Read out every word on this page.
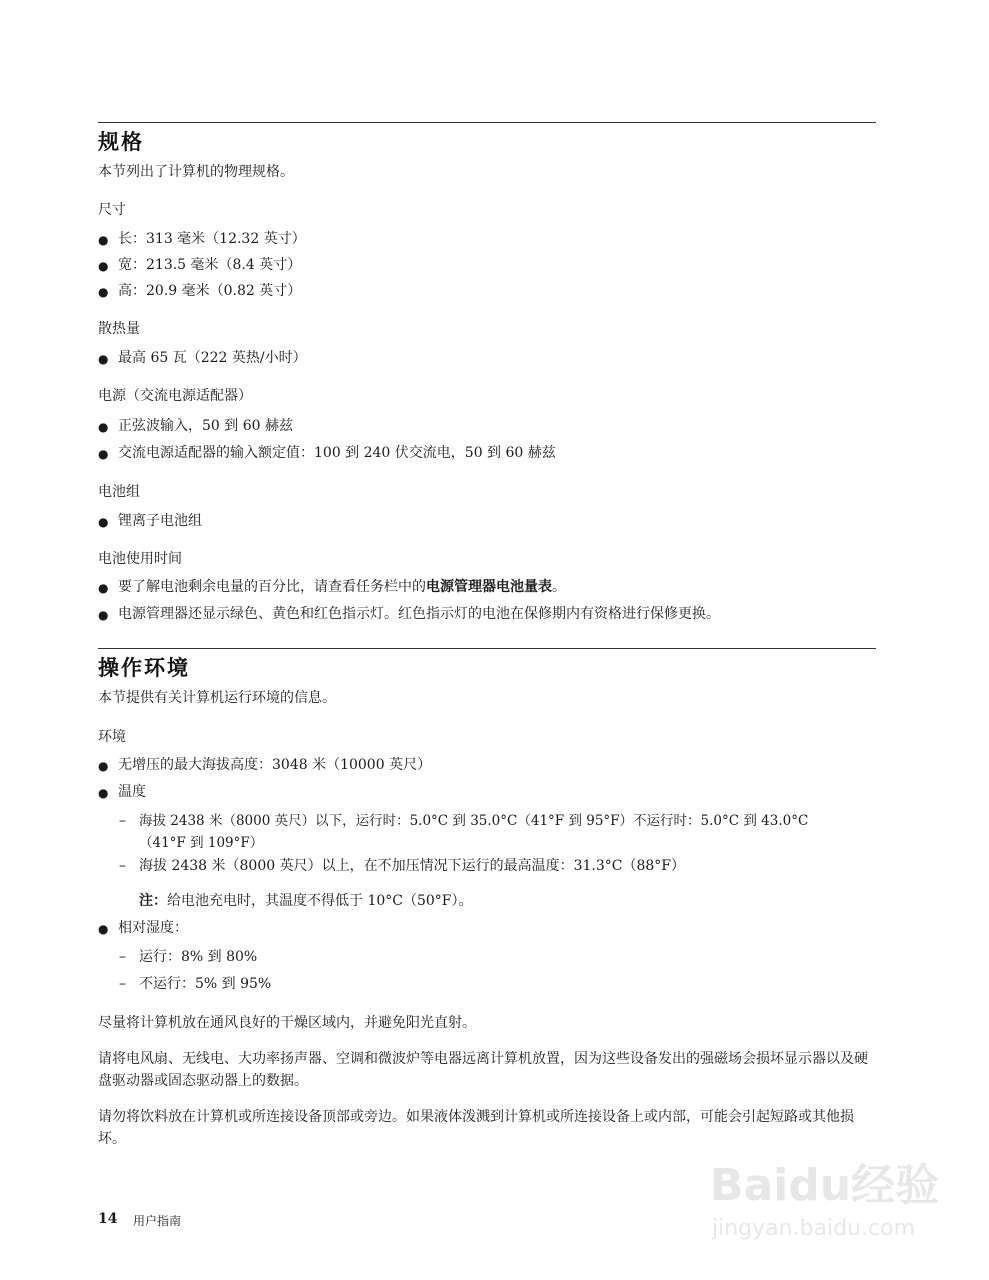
规格
本节列出了计算机的物理规格。
尺寸
● 长：313 毫米（12.32 英寸）
● 宽：213.5 毫米（8.4 英寸）
● 高：20.9 毫米（0.82 英寸）
散热量
● 最高 65 瓦（222 英热/小时）
电源（交流电源适配器）
● 正弦波输入，50 到 60 赫兹
● 交流电源适配器的输入额定值：100 到 240 伏交流电，50 到 60 赫兹
电池组
● 锂离子电池组
电池使用时间
● 要了解电池剩余电量的百分比，请查看任务栏中的电源管理器电池量表。
● 电源管理器还显示绿色、黄色和红色指示灯。红色指示灯的电池在保修期内有资格进行保修更换。
操作环境
本节提供有关计算机运行环境的信息。
环境
● 无增压的最大海拔高度：3048 米（10000 英尺）
● 温度
– 海拔 2438 米（8000 英尺）以下，运行时：5.0°C 到 35.0°C（41°F 到 95°F）不运行时：5.0°C 到 43.0°C
（41°F 到 109°F）
– 海拔 2438 米（8000 英尺）以上，在不加压情况下运行的最高温度：31.3°C（88°F）
注：给电池充电时，其温度不得低于 10°C（50°F）。
● 相对湿度：
– 运行：8% 到 80%
– 不运行：5% 到 95%
尽量将计算机放在通风良好的干燥区域内，并避免阳光直射。
请将电风扇、无线电、大功率扬声器、空调和微波炉等电器远离计算机放置，因为这些设备发出的强磁场会损坏显示器以及硬盘驱动器或固态驱动器上的数据。
请勿将饮料放在计算机或所连接设备顶部或旁边。如果液体泼溅到计算机或所连接设备上或内部，可能会引起短路或其他损坏。
14 用户指南
Baidu经验
jingyan.baidu.com
